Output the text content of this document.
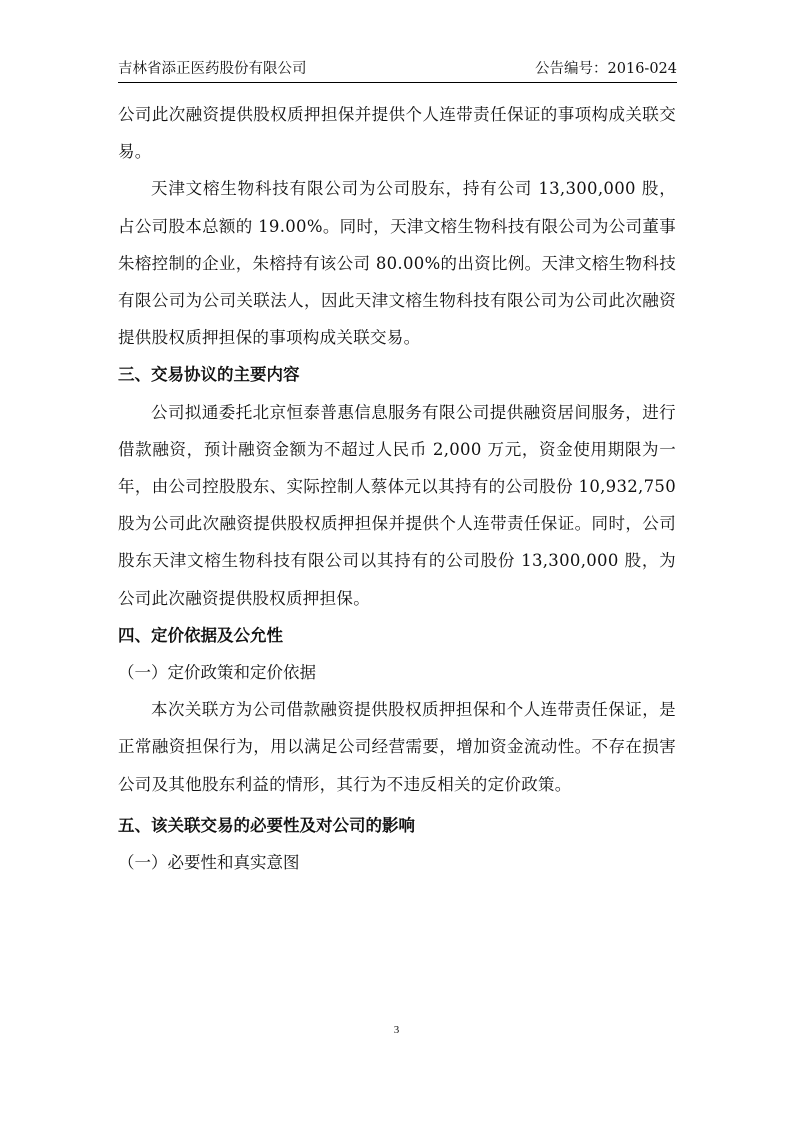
吉林省添正医药股份有限公司	公告编号：2016-024

公司此次融资提供股权质押担保并提供个人连带责任保证的事项构成关联交易。

天津文榕生物科技有限公司为公司股东，持有公司 13,300,000 股，占公司股本总额的 19.00%。同时，天津文榕生物科技有限公司为公司董事朱榕控制的企业，朱榕持有该公司 80.00%的出资比例。天津文榕生物科技有限公司为公司关联法人，因此天津文榕生物科技有限公司为公司此次融资提供股权质押担保的事项构成关联交易。

三、交易协议的主要内容

公司拟通委托北京恒泰普惠信息服务有限公司提供融资居间服务，进行借款融资，预计融资金额为不超过人民币 2,000 万元，资金使用期限为一年，由公司控股股东、实际控制人蔡体元以其持有的公司股份 10,932,750 股为公司此次融资提供股权质押担保并提供个人连带责任保证。同时，公司股东天津文榕生物科技有限公司以其持有的公司股份 13,300,000 股，为公司此次融资提供股权质押担保。

四、定价依据及公允性
（一）定价政策和定价依据

本次关联方为公司借款融资提供股权质押担保和个人连带责任保证，是正常融资担保行为，用以满足公司经营需要，增加资金流动性。不存在损害公司及其他股东利益的情形，其行为不违反相关的定价政策。

五、该关联交易的必要性及对公司的影响
（一）必要性和真实意图
3
